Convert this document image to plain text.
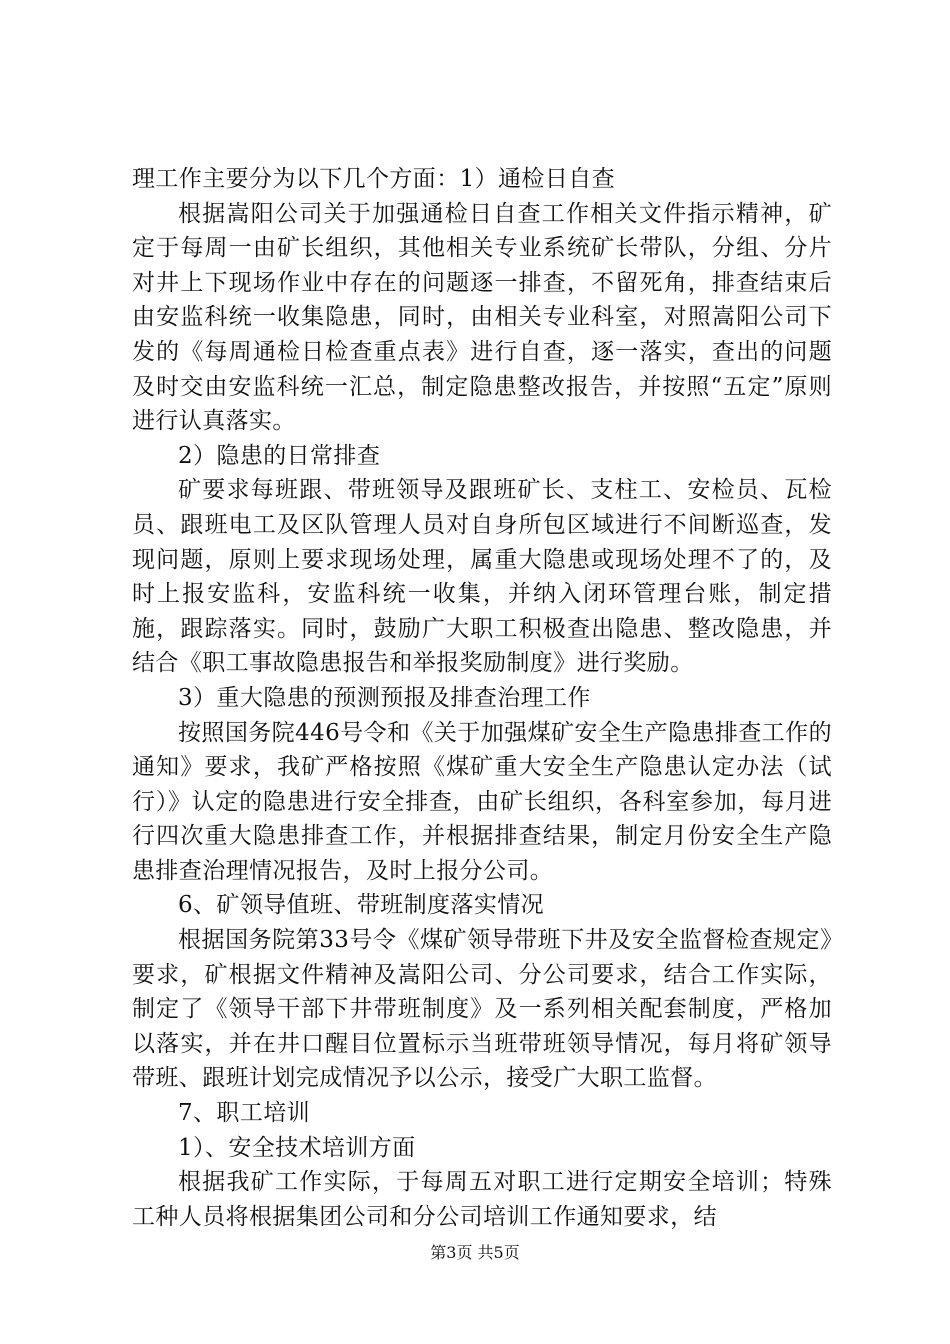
理工作主要分为以下几个方面：1）通检日自查

根据嵩阳公司关于加强通检日自查工作相关文件指示精神，矿定于每周一由矿长组织，其他相关专业系统矿长带队，分组、分片对井上下现场作业中存在的问题逐一排查，不留死角，排查结束后由安监科统一收集隐患，同时，由相关专业科室，对照嵩阳公司下发的《每周通检日检查重点表》进行自查，逐一落实，查出的问题及时交由安监科统一汇总，制定隐患整改报告，并按照“五定”原则进行认真落实。

2）隐患的日常排查

矿要求每班跟、带班领导及跟班矿长、支柱工、安检员、瓦检员、跟班电工及区队管理人员对自身所包区域进行不间断巡查，发现问题，原则上要求现场处理，属重大隐患或现场处理不了的，及时上报安监科，安监科统一收集，并纳入闭环管理台账，制定措施，跟踪落实。同时，鼓励广大职工积极查出隐患、整改隐患，并结合《职工事故隐患报告和举报奖励制度》进行奖励。

3）重大隐患的预测预报及排查治理工作

按照国务院446号令和《关于加强煤矿安全生产隐患排查工作的通知》要求，我矿严格按照《煤矿重大安全生产隐患认定办法（试行）》认定的隐患进行安全排查，由矿长组织，各科室参加，每月进行四次重大隐患排查工作，并根据排查结果，制定月份安全生产隐患排查治理情况报告，及时上报分公司。

6、矿领导值班、带班制度落实情况

根据国务院第33号令《煤矿领导带班下井及安全监督检查规定》要求，矿根据文件精神及嵩阳公司、分公司要求，结合工作实际，制定了《领导干部下井带班制度》及一系列相关配套制度，严格加以落实，并在井口醒目位置标示当班带班领导情况，每月将矿领导带班、跟班计划完成情况予以公示，接受广大职工监督。

7、职工培训

1）、安全技术培训方面

根据我矿工作实际，于每周五对职工进行定期安全培训；特殊工种人员将根据集团公司和分公司培训工作通知要求，结

第3页 共5页
